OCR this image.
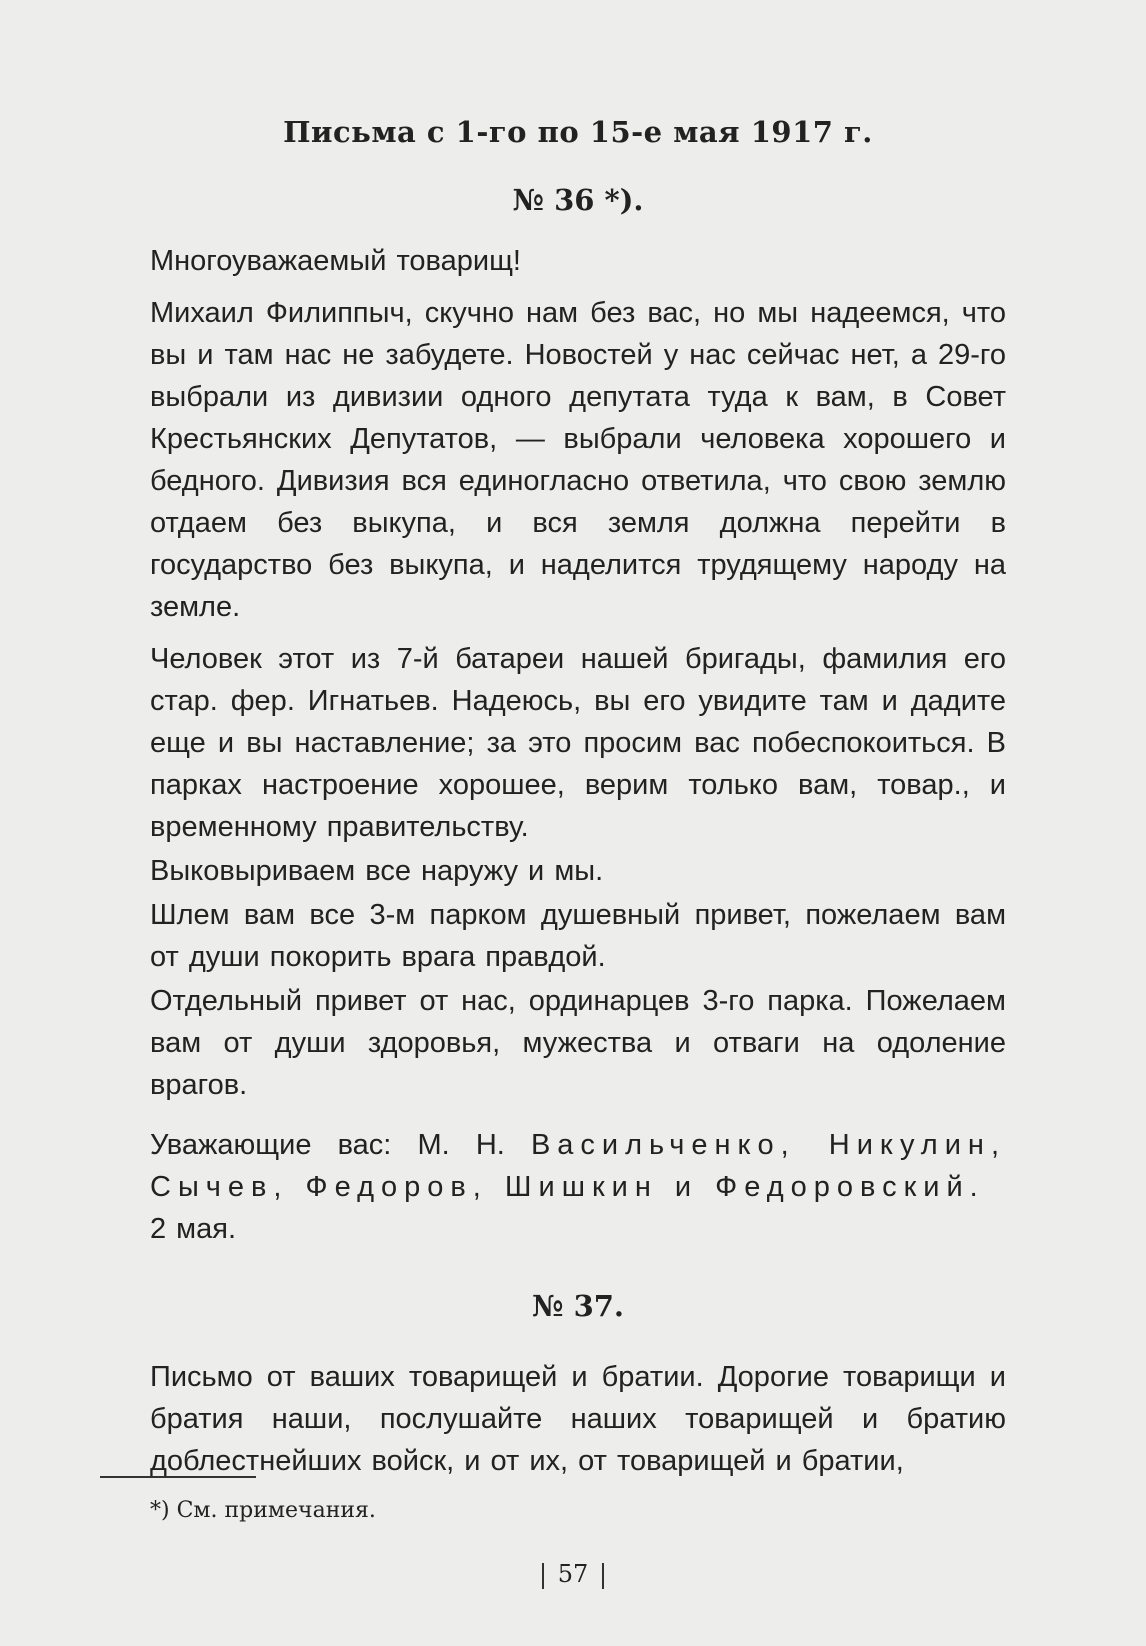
Письма с 1-го по 15-е мая 1917 г.
№ 36 *).

Многоуважаемый товарищ!

Михаил Филиппыч, скучно нам без вас, но мы надеемся, что вы и там нас не забудете. Новостей у нас сейчас нет, а 29-го выбрали из дивизии одного депутата туда к вам, в Совет Крестьянских Депутатов, — выбрали человека хорошего и бедного. Дивизия вся единогласно ответила, что свою землю отдаем без выкупа, и вся земля должна перейти в государство без выкупа, и наделится трудящему народу на земле.

Человек этот из 7-й батареи нашей бригады, фамилия его стар. фер. Игнатьев. Надеюсь, вы его увидите там и дадите еще и вы наставление; за это просим вас побеспокоиться. В парках настроение хорошее, верим только вам, товар., и временному правительству.

Выковыриваем все наружу и мы.

Шлем вам все 3-м парком душевный привет, пожелаем вам от души покорить врага правдой.

Отдельный привет от нас, ординарцев 3-го парка. Пожелаем вам от души здоровья, мужества и отваги на одоление врагов.

Уважающие вас: М. Н. Васильченко, Никулин, Сычев, Федоров, Шишкин и Федоровский.

2 мая.

№ 37.

Письмо от ваших товарищей и братии. Дорогие товарищи и братия наши, послушайте наших товарищей и братию доблестнейших войск, и от их, от товарищей и братии,

*) См. примечания.
57
